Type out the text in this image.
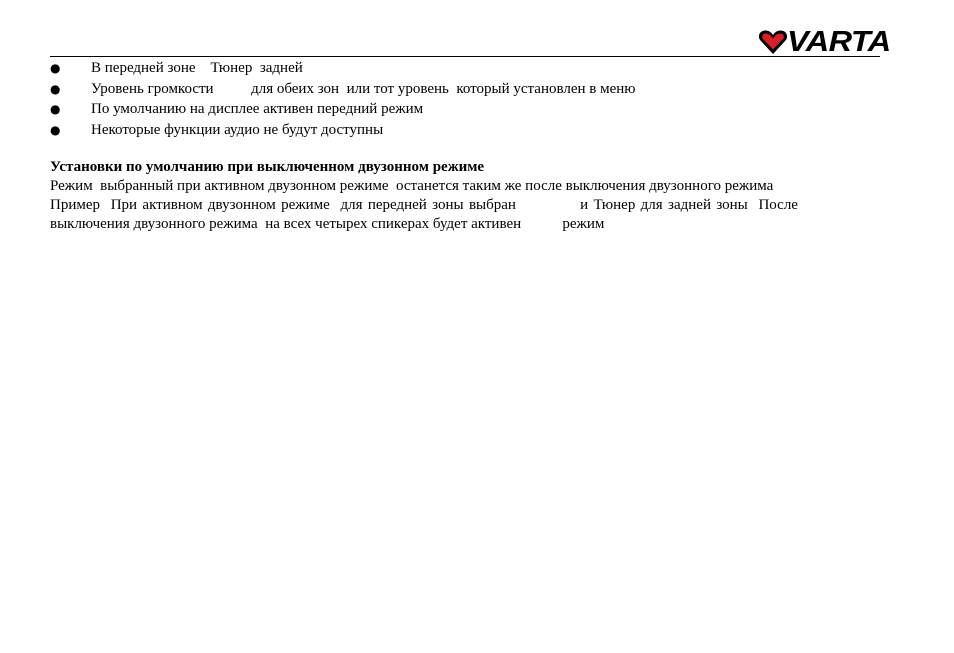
VARTA
● В передней зоне    Тюнер  задней
● Уровень громкости          для обеих зон  или тот уровень  который установлен в меню
● По умолчанию на дисплее активен передний режим
● Некоторые функции аудио не будут доступны
Установки по умолчанию при выключенном двузонном режиме

Режим  выбранный при активном двузонном режиме  останется таким же после выключения двузонного режима

Пример  При активном двузонном режиме  для передней зоны выбран            и Тюнер для задней зоны  После

выключения двузонного режима  на всех четырех спикерах будет активен           режим
